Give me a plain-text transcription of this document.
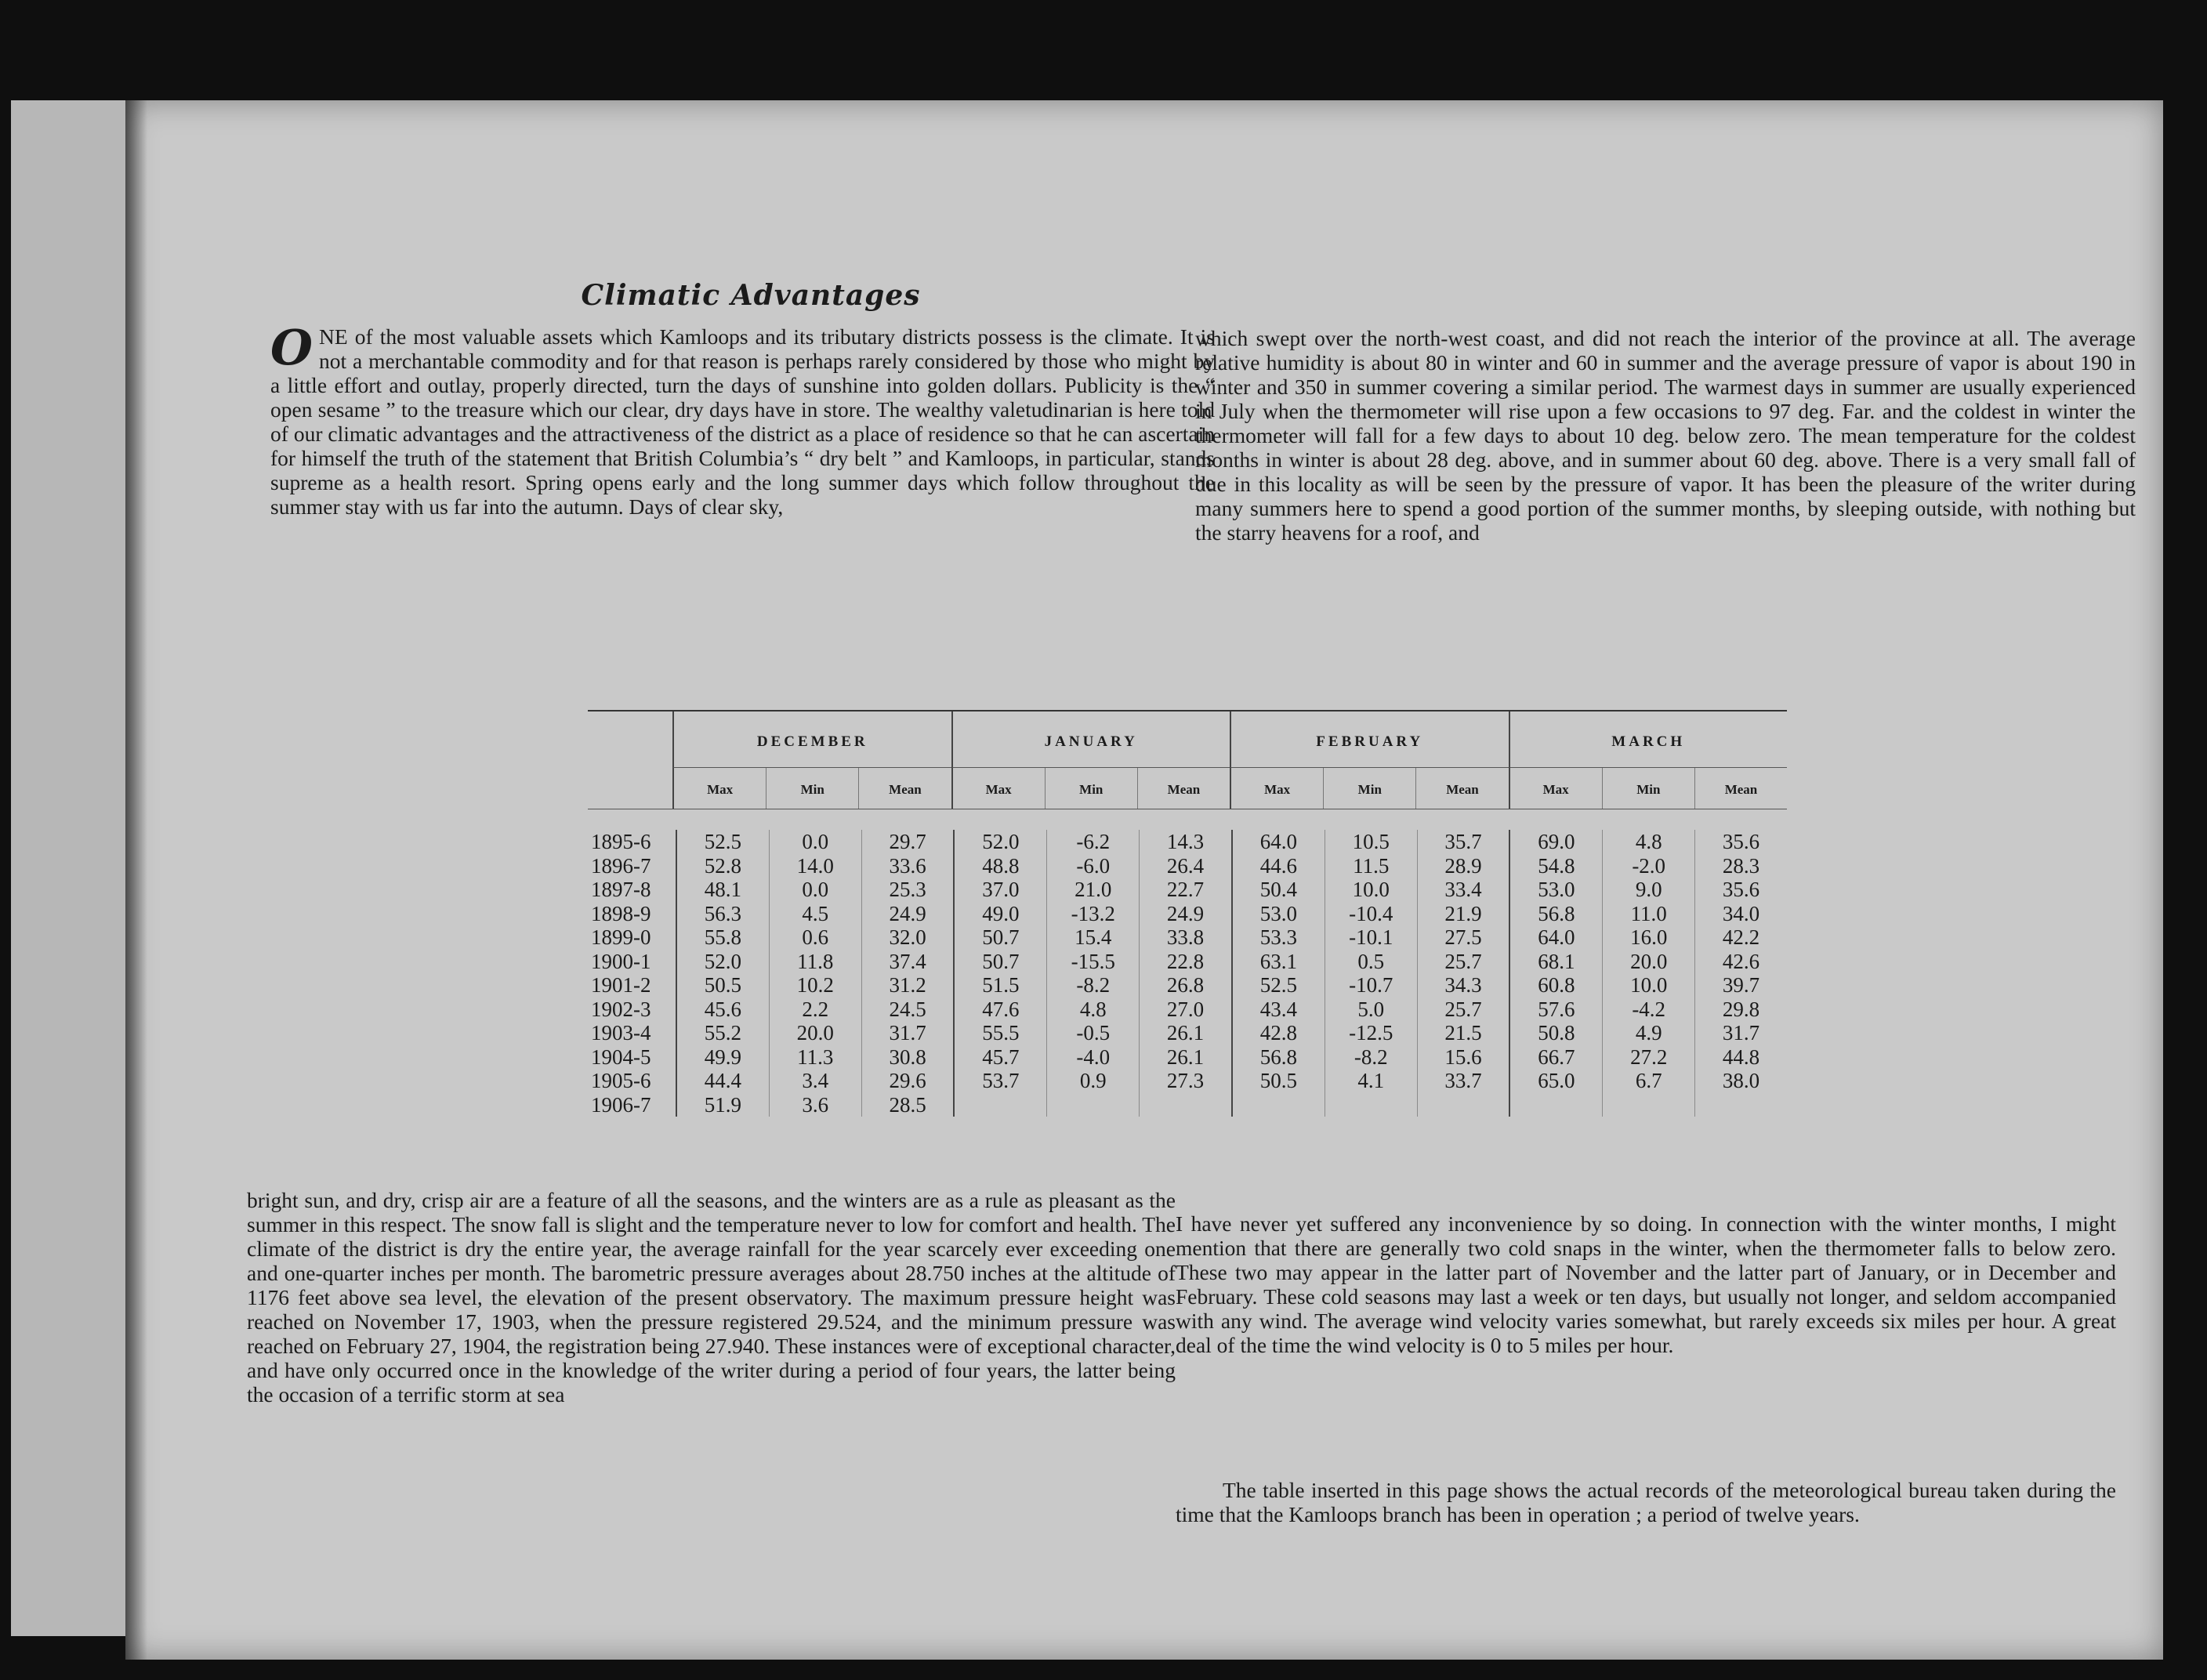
Climatic Advantages

ONE of the most valuable assets which Kamloops and its tributary districts possess is the climate. It is not a merchantable commodity and for that reason is perhaps rarely considered by those who might by a little effort and outlay, properly directed, turn the days of sunshine into golden dollars. Publicity is the “ open sesame ” to the treasure which our clear, dry days have in store. The wealthy valetudinarian is here told of our climatic advantages and the attractiveness of the district as a place of residence so that he can ascertain for himself the truth of the statement that British Columbia’s “ dry belt ” and Kamloops, in particular, stands supreme as a health resort. Spring opens early and the long summer days which follow throughout the summer stay with us far into the autumn. Days of clear sky,

which swept over the north-west coast, and did not reach the interior of the province at all. The average relative humidity is about 80 in winter and 60 in summer and the average pressure of vapor is about 190 in winter and 350 in summer covering a similar period. The warmest days in summer are usually experienced in July when the thermometer will rise upon a few occasions to 97 deg. Far. and the coldest in winter the thermometer will fall for a few days to about 10 deg. below zero. The mean temperature for the coldest months in winter is about 28 deg. above, and in summer about 60 deg. above. There is a very small fall of due in this locality as will be seen by the pressure of vapor. It has been the pleasure of the writer during many summers here to spend a good portion of the summer months, by sleeping outside, with nothing but the starry heavens for a roof, and

DECEMBER	JANUARY	FEBRUARY	MARCH
Max	Min	Mean	Max	Min	Mean	Max	Min	Mean	Max	Min	Mean
1895-6	52.5	0.0	29.7	52.0	-6.2	14.3	64.0	10.5	35.7	69.0	4.8	35.6
1896-7	52.8	14.0	33.6	48.8	-6.0	26.4	44.6	11.5	28.9	54.8	-2.0	28.3
1897-8	48.1	0.0	25.3	37.0	21.0	22.7	50.4	10.0	33.4	53.0	9.0	35.6
1898-9	56.3	4.5	24.9	49.0	-13.2	24.9	53.0	-10.4	21.9	56.8	11.0	34.0
1899-0	55.8	0.6	32.0	50.7	15.4	33.8	53.3	-10.1	27.5	64.0	16.0	42.2
1900-1	52.0	11.8	37.4	50.7	-15.5	22.8	63.1	0.5	25.7	68.1	20.0	42.6
1901-2	50.5	10.2	31.2	51.5	-8.2	26.8	52.5	-10.7	34.3	60.8	10.0	39.7
1902-3	45.6	2.2	24.5	47.6	4.8	27.0	43.4	5.0	25.7	57.6	-4.2	29.8
1903-4	55.2	20.0	31.7	55.5	-0.5	26.1	42.8	-12.5	21.5	50.8	4.9	31.7
1904-5	49.9	11.3	30.8	45.7	-4.0	26.1	56.8	-8.2	15.6	66.7	27.2	44.8
1905-6	44.4	3.4	29.6	53.7	0.9	27.3	50.5	4.1	33.7	65.0	6.7	38.0
1906-7	51.9	3.6	28.5

bright sun, and dry, crisp air are a feature of all the seasons, and the winters are as a rule as pleasant as the summer in this respect. The snow fall is slight and the temperature never to low for comfort and health. The climate of the district is dry the entire year, the average rainfall for the year scarcely ever exceeding one and one-quarter inches per month. The barometric pressure averages about 28.750 inches at the altitude of 1176 feet above sea level, the elevation of the present observatory. The maximum pressure height was reached on November 17, 1903, when the pressure registered 29.524, and the minimum pressure was reached on February 27, 1904, the registration being 27.940. These instances were of exceptional character, and have only occurred once in the knowledge of the writer during a period of four years, the latter being the occasion of a terrific storm at sea

I have never yet suffered any inconvenience by so doing. In connection with the winter months, I might mention that there are generally two cold snaps in the winter, when the thermometer falls to below zero. These two may appear in the latter part of November and the latter part of January, or in December and February. These cold seasons may last a week or ten days, but usually not longer, and seldom accompanied with any wind. The average wind velocity varies somewhat, but rarely exceeds six miles per hour. A great deal of the time the wind velocity is 0 to 5 miles per hour.

The table inserted in this page shows the actual records of the meteorological bureau taken during the time that the Kamloops branch has been in operation ; a period of twelve years.
